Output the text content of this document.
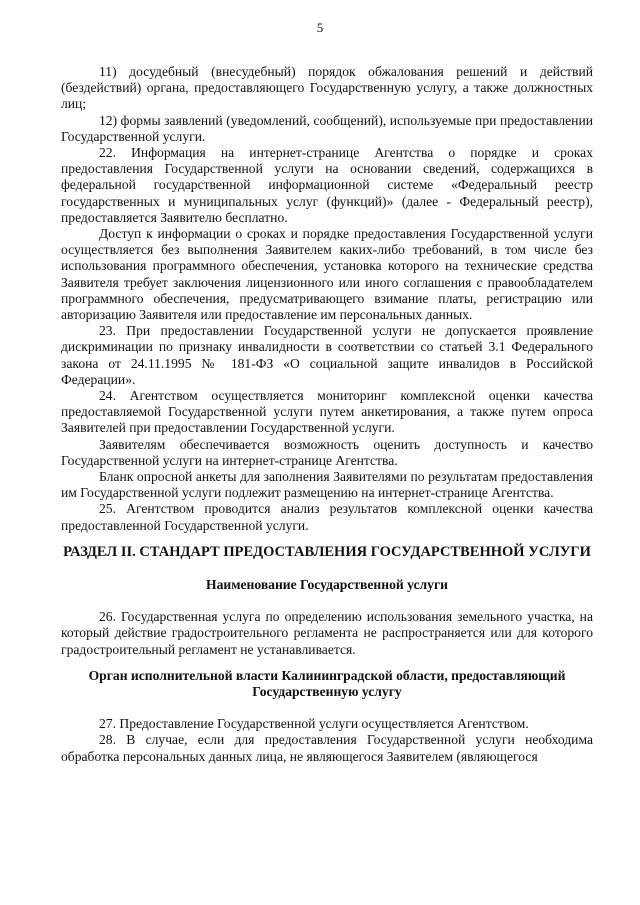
5

11) досудебный (внесудебный) порядок обжалования решений и действий (бездействий) органа, предоставляющего Государственную услугу, а также должностных лиц;

12) формы заявлений (уведомлений, сообщений), используемые при предоставлении Государственной услуги.

22. Информация на интернет-странице Агентства о порядке и сроках предоставления Государственной услуги на основании сведений, содержащихся в федеральной государственной информационной системе «Федеральный реестр государственных и муниципальных услуг (функций)» (далее - Федеральный реестр), предоставляется Заявителю бесплатно.

Доступ к информации о сроках и порядке предоставления Государственной услуги осуществляется без выполнения Заявителем каких-либо требований, в том числе без использования программного обеспечения, установка которого на технические средства Заявителя требует заключения лицензионного или иного соглашения с правообладателем программного обеспечения, предусматривающего взимание платы, регистрацию или авторизацию Заявителя или предоставление им персональных данных.

23. При предоставлении Государственной услуги не допускается проявление дискриминации по признаку инвалидности в соответствии со статьей 3.1 Федерального закона от 24.11.1995 № 181-ФЗ «О социальной защите инвалидов в Российской Федерации».

24. Агентством осуществляется мониторинг комплексной оценки качества предоставляемой Государственной услуги путем анкетирования, а также путем опроса Заявителей при предоставлении Государственной услуги.

Заявителям обеспечивается возможность оценить доступность и качество Государственной услуги на интернет-странице Агентства.

Бланк опросной анкеты для заполнения Заявителями по результатам предоставления им Государственной услуги подлежит размещению на интернет-странице Агентства.

25. Агентством проводится анализ результатов комплексной оценки качества предоставленной Государственной услуги.

РАЗДЕЛ II. СТАНДАРТ ПРЕДОСТАВЛЕНИЯ ГОСУДАРСТВЕННОЙ УСЛУГИ
Наименование Государственной услуги

26. Государственная услуга по определению использования земельного участка, на который действие градостроительного регламента не распространяется или для которого градостроительный регламент не устанавливается.

Орган исполнительной власти Калининградской области, предоставляющий Государственную услугу

27. Предоставление Государственной услуги осуществляется Агентством.

28. В случае, если для предоставления Государственной услуги необходима обработка персональных данных лица, не являющегося Заявителем (являющегося
